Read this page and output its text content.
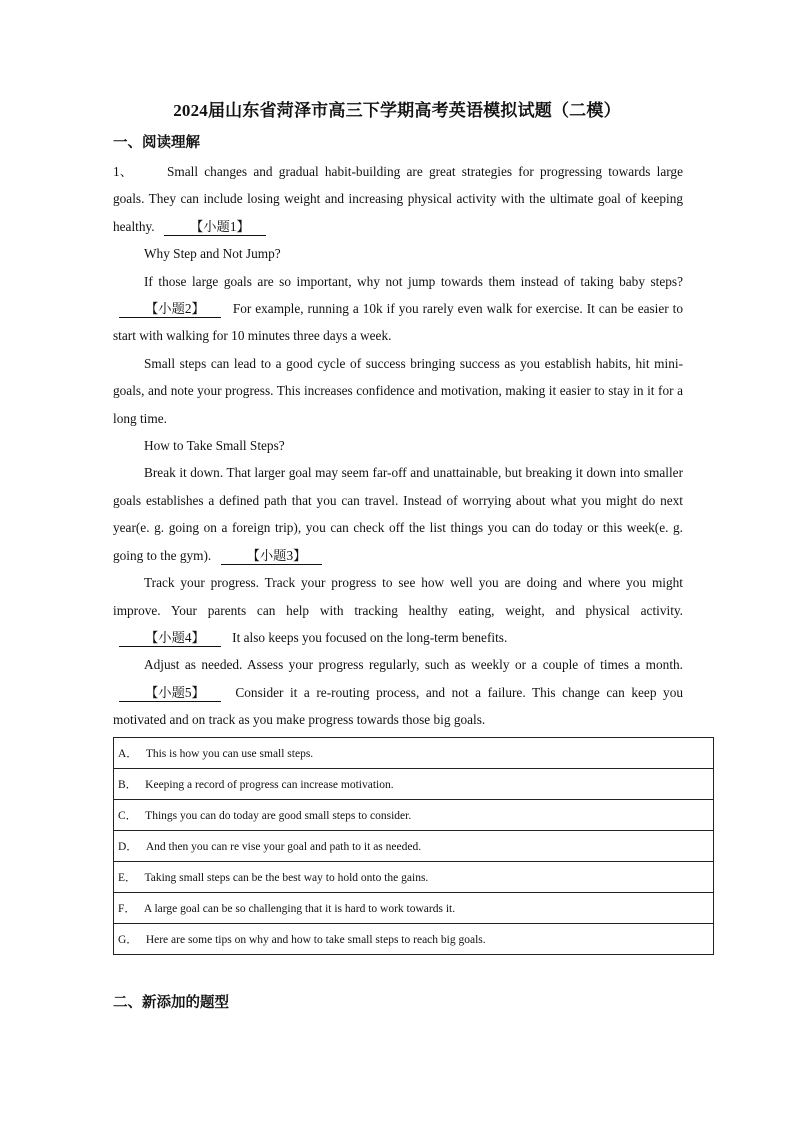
2024届山东省菏泽市高三下学期高考英语模拟试题（二模）
一、阅读理解

1、	Small changes and gradual habit-building are great strategies for progressing towards large goals. They can include losing weight and increasing physical activity with the ultimate goal of keeping healthy.	【小题1】

Why Step and Not Jump?

If those large goals are so important, why not jump towards them instead of taking baby steps? 【小题2】 For example, running a 10k if you rarely even walk for exercise. It can be easier to start with walking for 10 minutes three days a week.

Small steps can lead to a good cycle of success bringing success as you establish habits, hit mini-goals, and note your progress. This increases confidence and motivation, making it easier to stay in it for a long time.

How to Take Small Steps?

Break it down. That larger goal may seem far-off and unattainable, but breaking it down into smaller goals establishes a defined path that you can travel. Instead of worrying about what you might do next year(e. g. going on a foreign trip), you can check off the list things you can do today or this week(e. g. going to the gym).	【小题3】

Track your progress. Track your progress to see how well you are doing and where you might improve. Your parents can help with tracking healthy eating, weight, and physical activity. 【小题4】 It also keeps you focused on the long-term benefits.

Adjust as needed. Assess your progress regularly, such as weekly or a couple of times a month. 【小题5】 Consider it a re-routing process, and not a failure. This change can keep you motivated and on track as you make progress towards those big goals.

A． This is how you can use small steps.
B． Keeping a record of progress can increase motivation.
C． Things you can do today are good small steps to consider.
D． And then you can re vise your goal and path to it as needed.
E． Taking small steps can be the best way to hold onto the gains.
F． A large goal can be so challenging that it is hard to work towards it.
G． Here are some tips on why and how to take small steps to reach big goals.
二、新添加的题型
